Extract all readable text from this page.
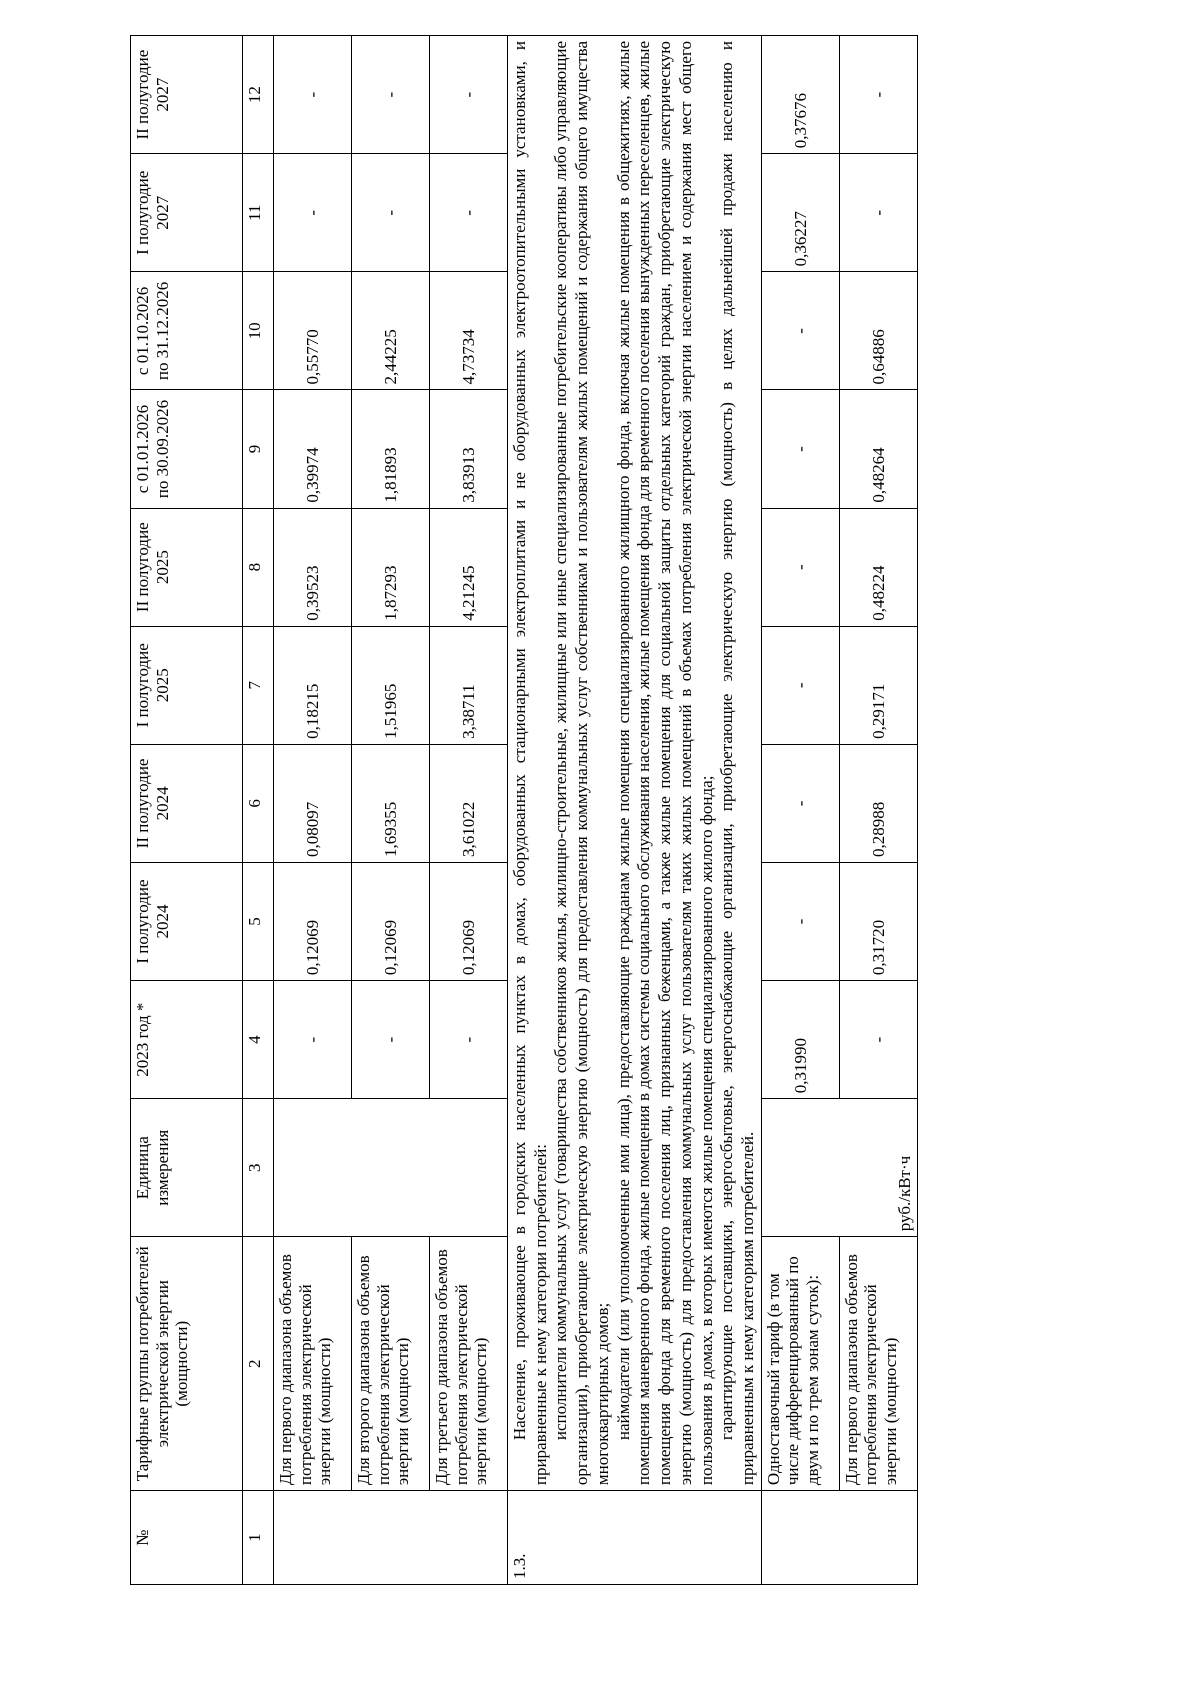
№	Тарифные группы потребителей электрической энергии (мощности)	Единица измерения	2023 год *	I полугодие 2024	II полугодие 2024	I полугодие 2025	II полугодие 2025	с 01.01.2026 по 30.09.2026	с 01.10.2026 по 31.12.2026	I полугодие 2027	II полугодие 2027
1	2	3	4	5	6	7	8	9	10	11	12
	Для первого диапазона объемов потребления электрической энергии (мощности)		-	0,12069	0,08097	0,18215	0,39523	0,39974	0,55770	-	-
	Для второго диапазона объемов потребления электрической энергии (мощности)		-	0,12069	1,69355	1,51965	1,87293	1,81893	2,44225	-	-
	Для третьего диапазона объемов потребления электрической энергии (мощности)		-	0,12069	3,61022	3,38711	4,21245	3,83913	4,73734	-	-
1.3.	Население, проживающее в городских населенных пунктах в домах, оборудованных стационарными электроплитами и не оборудованных электроотопительными установками, и приравненные к нему категории потребителей: исполнители коммунальных услуг (товарищества собственников жилья, жилищно-строительные, жилищные или иные специализированные потребительские кооперативы либо управляющие организации), приобретающие электрическую энергию (мощность) для предоставления коммунальных услуг собственникам и пользователям жилых помещений и содержания общего имущества многоквартирных домов; наймодатели (или уполномоченные ими лица), предоставляющие гражданам жилые помещения специализированного жилищного фонда, включая жилые помещения в общежитиях, жилые помещения маневренного фонда, жилые помещения в домах системы социального обслуживания населения, жилые помещения фонда для временного поселения вынужденных переселенцев, жилые помещения фонда для временного поселения лиц, признанных беженцами, а также жилые помещения для социальной защиты отдельных категорий граждан, приобретающие электрическую энергию (мощность) для предоставления коммунальных услуг пользователям таких жилых помещений в объемах потребления электрической энергии населением и содержания мест общего пользования в домах, в которых имеются жилые помещения специализированного жилого фонда; гарантирующие поставщики, энергосбытовые, энергоснабжающие организации, приобретающие электрическую энергию (мощность) в целях дальнейшей продажи населению и приравненным к нему категориям потребителей.										

	Одноставочный тариф (в том числе дифференцированный по двум и по трем зонам суток):	руб./кВт·ч	0,31990	-	-	-	-	-	-	0,36227	0,37676
	Для первого диапазона объемов потребления электрической энергии (мощности)		-	0,31720	0,28988	0,29171	0,48224	0,48264	0,64886	-	-
